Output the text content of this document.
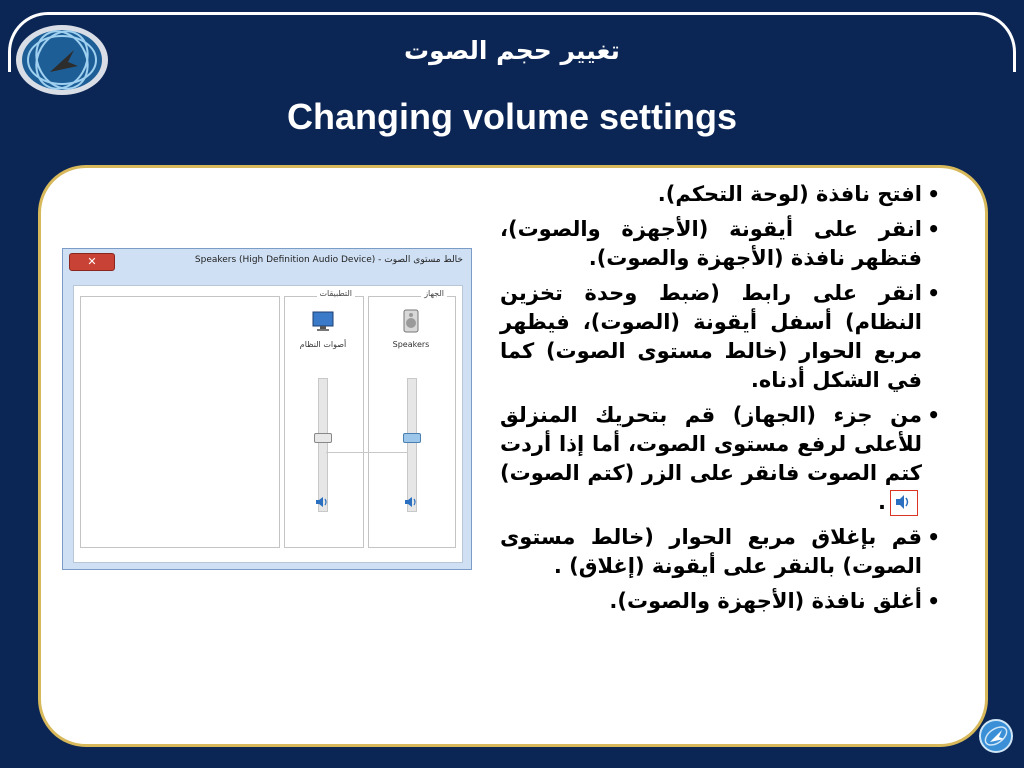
تغيير حجم الصوت
Changing volume settings
✕	خالط مستوى الصوت - Speakers (High Definition Audio Device)
التطبيقات	الجهاز
أصوات النظام	Speakers
• افتح نافذة (لوحة التحكم).
• انقر على أيقونة (الأجهزة والصوت)، فتظهر نافذة (الأجهزة والصوت).
• انقر على رابط (ضبط وحدة تخزين النظام) أسفل أيقونة (الصوت)، فيظهر مربع الحوار (خالط مستوى الصوت) كما في الشكل أدناه.
• من جزء (الجهاز) قم بتحريك المنزلق للأعلى لرفع مستوى الصوت، أما إذا أردت كتم الصوت فانقر على الزر (كتم الصوت)
.
• قم بإغلاق مربع الحوار (خالط مستوى الصوت) بالنقر على أيقونة (إغلاق) .
• أغلق نافذة (الأجهزة والصوت).
